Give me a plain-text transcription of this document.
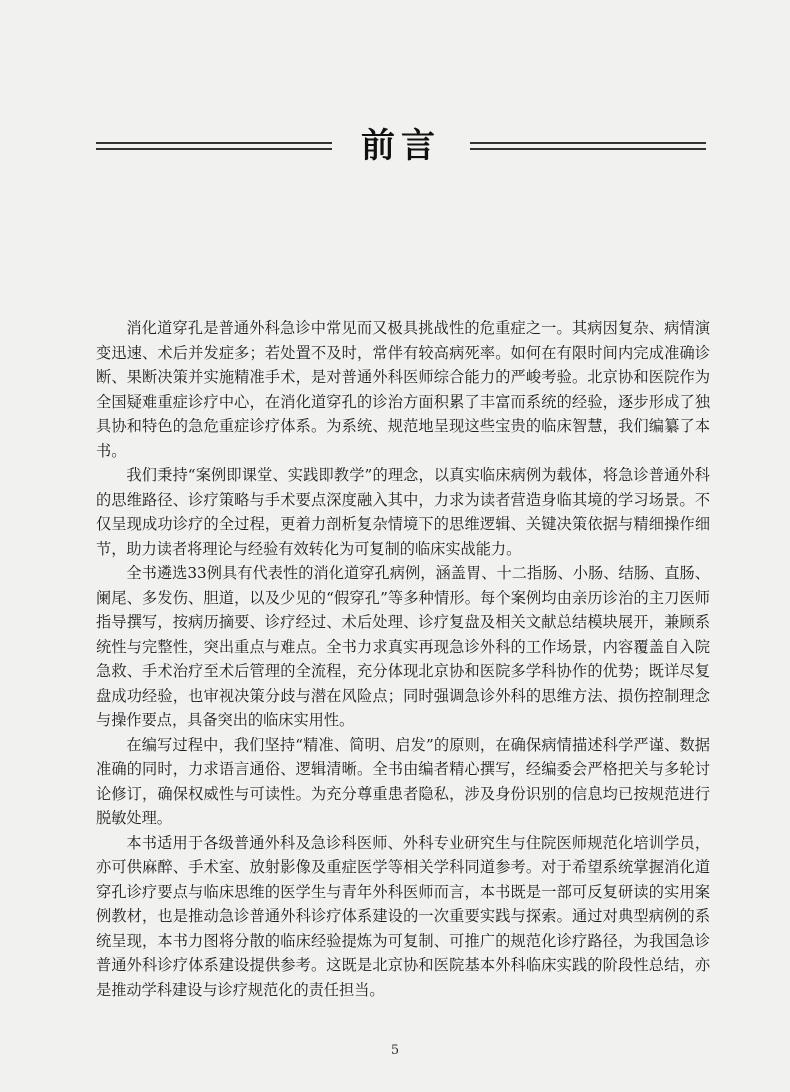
前言

消化道穿孔是普通外科急诊中常见而又极具挑战性的危重症之一。其病因复杂、病情演变迅速、术后并发症多；若处置不及时，常伴有较高病死率。如何在有限时间内完成准确诊断、果断决策并实施精准手术，是对普通外科医师综合能力的严峻考验。北京协和医院作为全国疑难重症诊疗中心，在消化道穿孔的诊治方面积累了丰富而系统的经验，逐步形成了独具协和特色的急危重症诊疗体系。为系统、规范地呈现这些宝贵的临床智慧，我们编纂了本书。

我们秉持“案例即课堂、实践即教学”的理念，以真实临床病例为载体，将急诊普通外科的思维路径、诊疗策略与手术要点深度融入其中，力求为读者营造身临其境的学习场景。不仅呈现成功诊疗的全过程，更着力剖析复杂情境下的思维逻辑、关键决策依据与精细操作细节，助力读者将理论与经验有效转化为可复制的临床实战能力。

全书遴选33例具有代表性的消化道穿孔病例，涵盖胃、十二指肠、小肠、结肠、直肠、阑尾、多发伤、胆道，以及少见的“假穿孔”等多种情形。每个案例均由亲历诊治的主刀医师指导撰写，按病历摘要、诊疗经过、术后处理、诊疗复盘及相关文献总结模块展开，兼顾系统性与完整性，突出重点与难点。全书力求真实再现急诊外科的工作场景，内容覆盖自入院急救、手术治疗至术后管理的全流程，充分体现北京协和医院多学科协作的优势；既详尽复盘成功经验，也审视决策分歧与潜在风险点；同时强调急诊外科的思维方法、损伤控制理念与操作要点，具备突出的临床实用性。

在编写过程中，我们坚持“精准、简明、启发”的原则，在确保病情描述科学严谨、数据准确的同时，力求语言通俗、逻辑清晰。全书由编者精心撰写，经编委会严格把关与多轮讨论修订，确保权威性与可读性。为充分尊重患者隐私，涉及身份识别的信息均已按规范进行脱敏处理。

本书适用于各级普通外科及急诊科医师、外科专业研究生与住院医师规范化培训学员，亦可供麻醉、手术室、放射影像及重症医学等相关学科同道参考。对于希望系统掌握消化道穿孔诊疗要点与临床思维的医学生与青年外科医师而言，本书既是一部可反复研读的实用案例教材，也是推动急诊普通外科诊疗体系建设的一次重要实践与探索。通过对典型病例的系统呈现，本书力图将分散的临床经验提炼为可复制、可推广的规范化诊疗路径，为我国急诊普通外科诊疗体系建设提供参考。这既是北京协和医院基本外科临床实践的阶段性总结，亦是推动学科建设与诊疗规范化的责任担当。

5
